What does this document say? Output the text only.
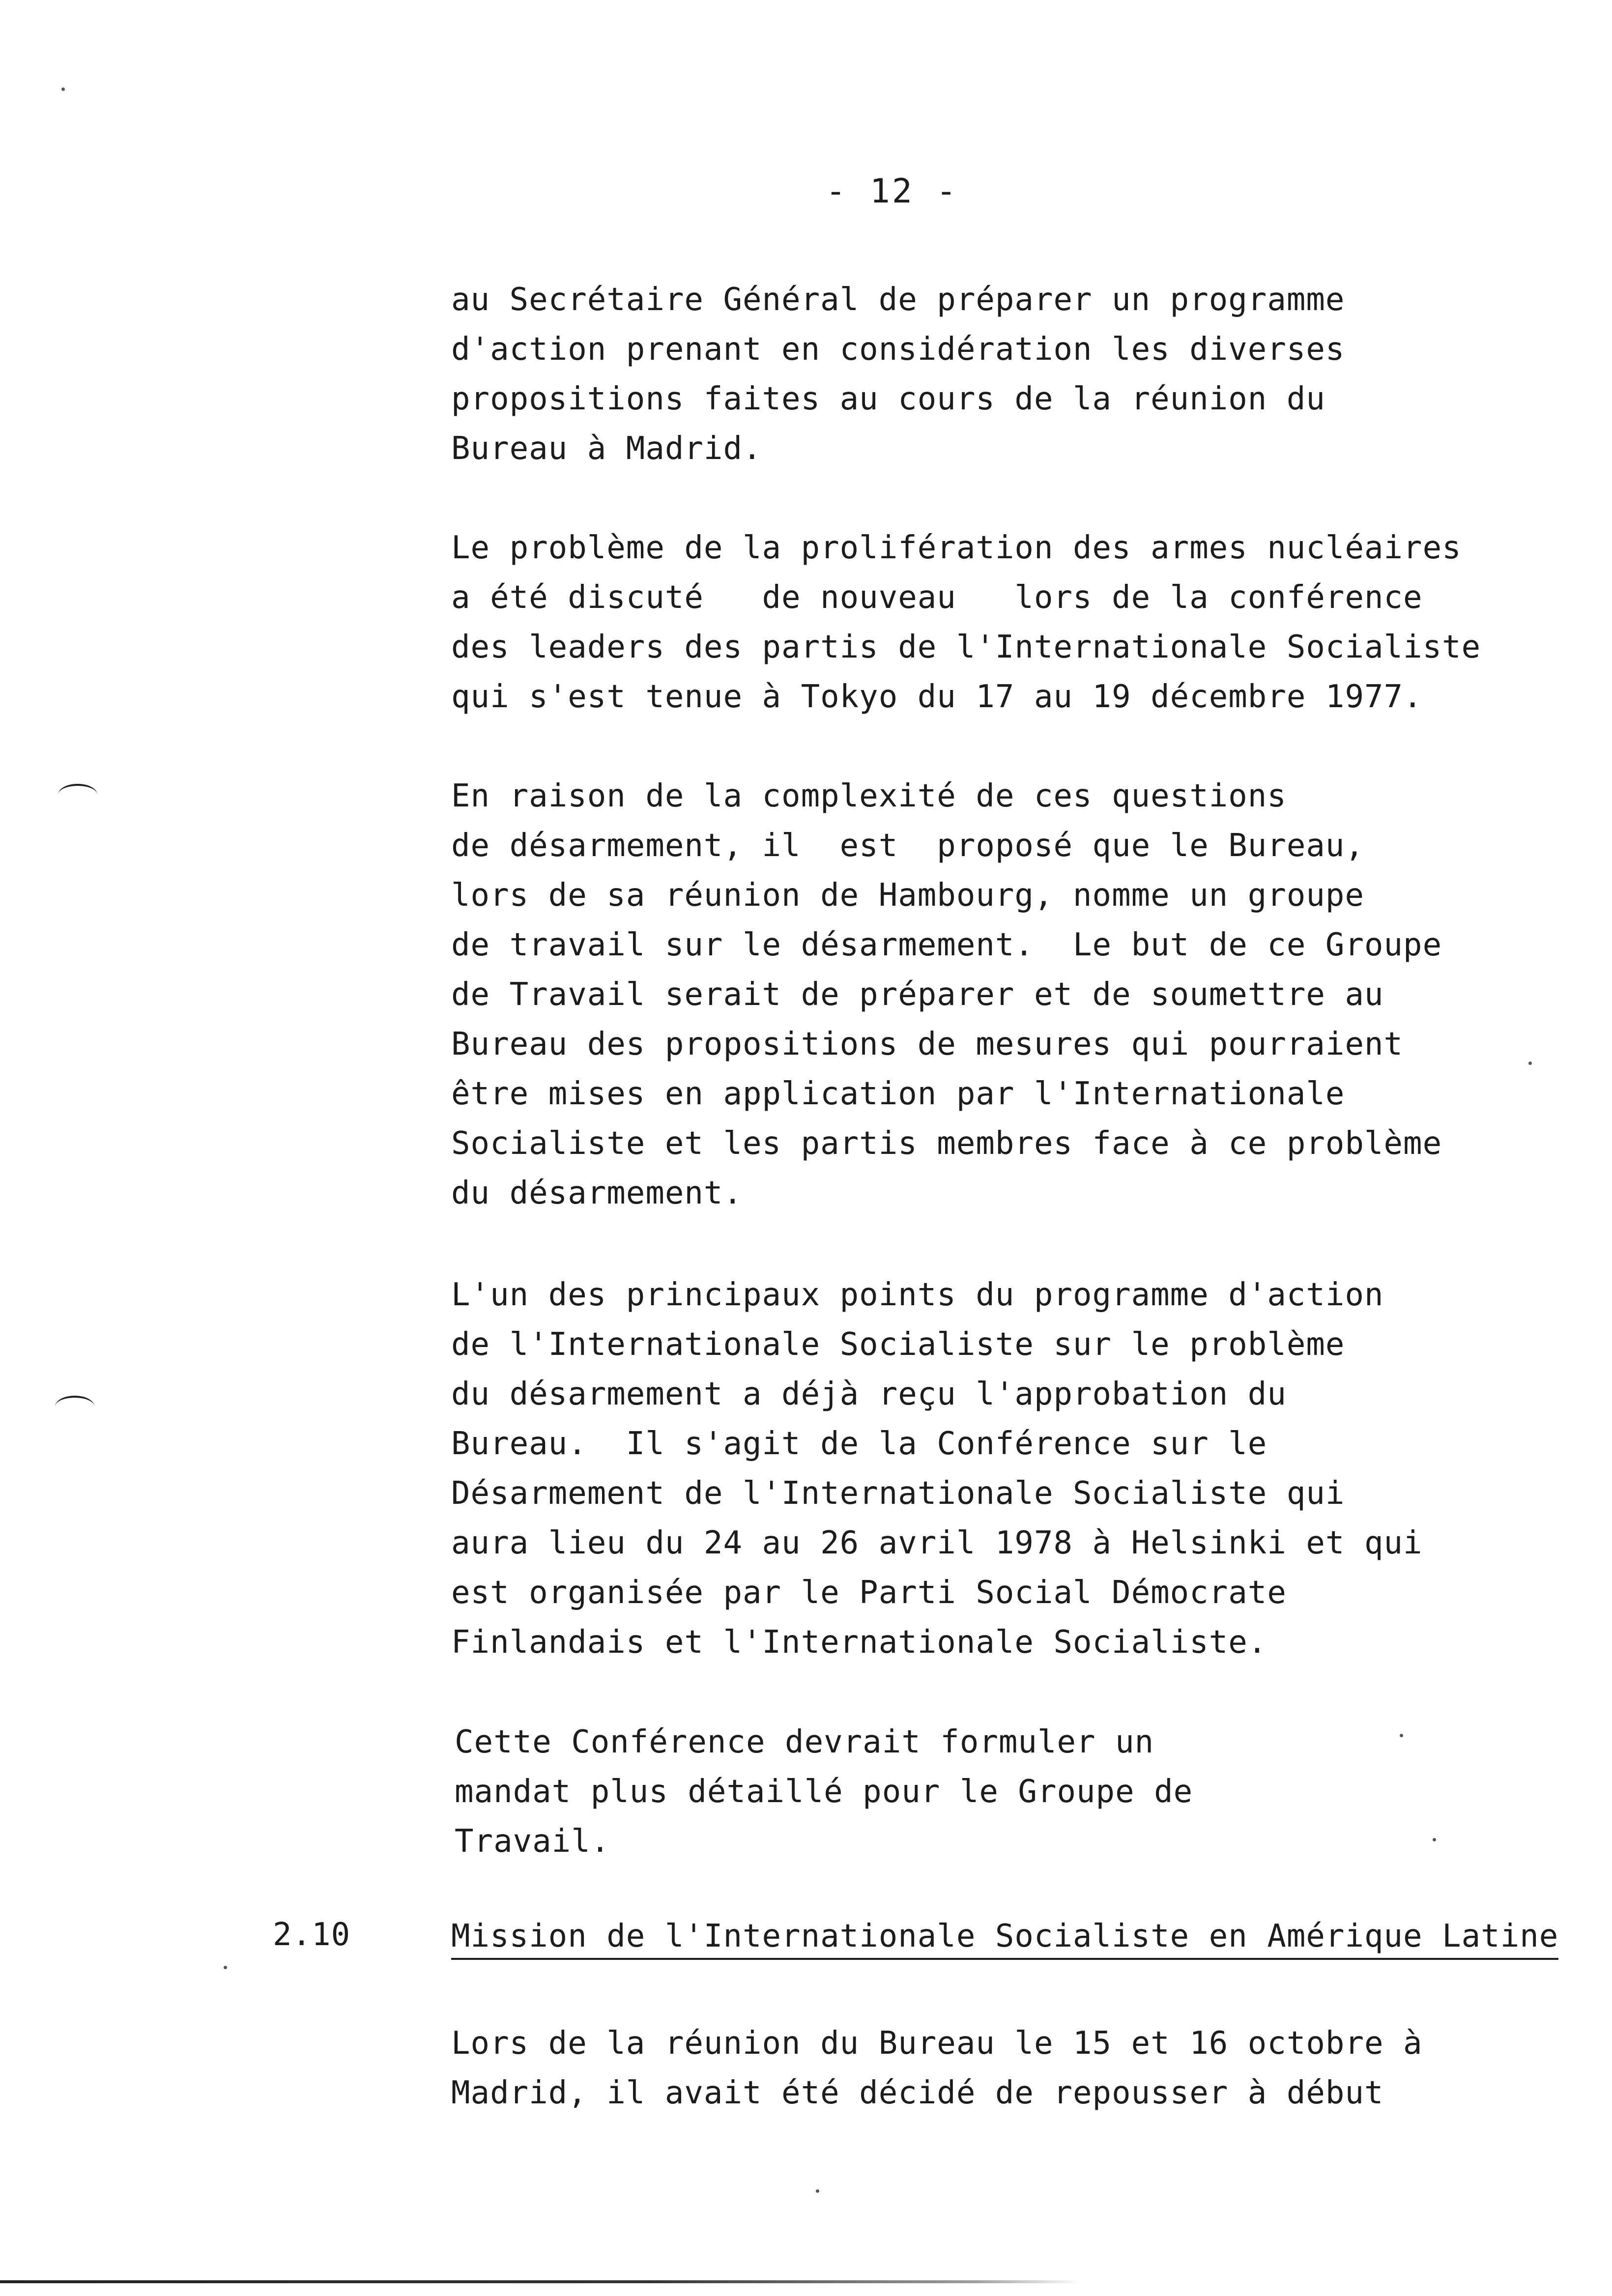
- 12 -
au Secrétaire Général de préparer un programme
d'action prenant en considération les diverses
propositions faites au cours de la réunion du
Bureau à Madrid.
Le problème de la prolifération des armes nucléaires
a été discuté   de nouveau   lors de la conférence
des leaders des partis de l'Internationale Socialiste
qui s'est tenue à Tokyo du 17 au 19 décembre 1977.
En raison de la complexité de ces questions
de désarmement, il  est  proposé que le Bureau,
lors de sa réunion de Hambourg, nomme un groupe
de travail sur le désarmement.  Le but de ce Groupe
de Travail serait de préparer et de soumettre au
Bureau des propositions de mesures qui pourraient
être mises en application par l'Internationale
Socialiste et les partis membres face à ce problème
du désarmement.
L'un des principaux points du programme d'action
de l'Internationale Socialiste sur le problème
du désarmement a déjà reçu l'approbation du
Bureau.  Il s'agit de la Conférence sur le
Désarmement de l'Internationale Socialiste qui
aura lieu du 24 au 26 avril 1978 à Helsinki et qui
est organisée par le Parti Social Démocrate
Finlandais et l'Internationale Socialiste.
Cette Conférence devrait formuler un
mandat plus détaillé pour le Groupe de
Travail.
2.10	Mission de l'Internationale Socialiste en Amérique Latine
Lors de la réunion du Bureau le 15 et 16 octobre à
Madrid, il avait été décidé de repousser à début
